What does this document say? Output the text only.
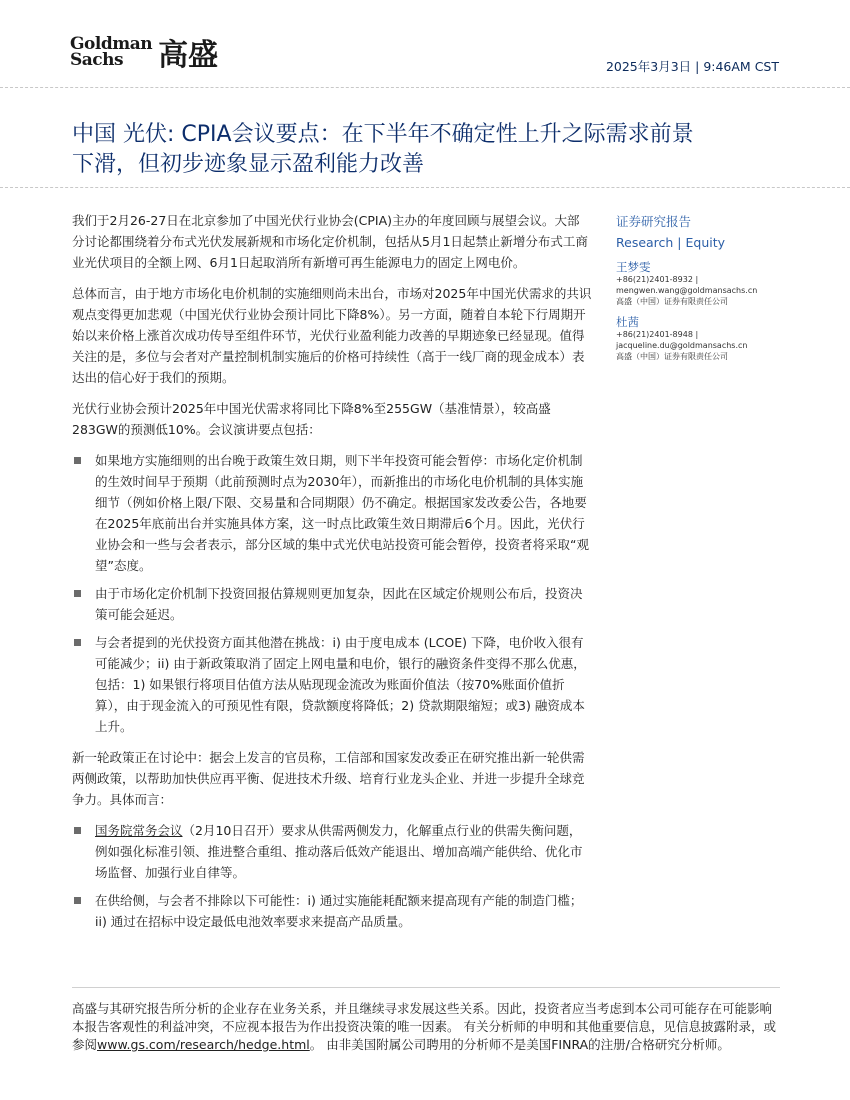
Goldman
Sachs	高盛	2025年3月3日 | 9:46AM CST
中国 光伏: CPIA会议要点：在下半年不确定性上升之际需求前景下滑，但初步迹象显示盈利能力改善

我们于2月26-27日在北京参加了中国光伏行业协会(CPIA)主办的年度回顾与展望会议。大部分讨论都围绕着分布式光伏发展新规和市场化定价机制，包括从5月1日起禁止新增分布式工商业光伏项目的全额上网、6月1日起取消所有新增可再生能源电力的固定上网电价。

总体而言，由于地方市场化电价机制的实施细则尚未出台，市场对2025年中国光伏需求的共识观点变得更加悲观（中国光伏行业协会预计同比下降8%）。另一方面，随着自本轮下行周期开始以来价格上涨首次成功传导至组件环节，光伏行业盈利能力改善的早期迹象已经显现。值得关注的是，多位与会者对产量控制机制实施后的价格可持续性（高于一线厂商的现金成本）表达出的信心好于我们的预期。

光伏行业协会预计2025年中国光伏需求将同比下降8%至255GW（基准情景），较高盛283GW的预测低10%。会议演讲要点包括：

如果地方实施细则的出台晚于政策生效日期，则下半年投资可能会暂停：市场化定价机制的生效时间早于预期（此前预测时点为2030年），而新推出的市场化电价机制的具体实施细节（例如价格上限/下限、交易量和合同期限）仍不确定。根据国家发改委公告，各地要在2025年底前出台并实施具体方案，这一时点比政策生效日期滞后6个月。因此，光伏行业协会和一些与会者表示，部分区域的集中式光伏电站投资可能会暂停，投资者将采取“观望”态度。
由于市场化定价机制下投资回报估算规则更加复杂，因此在区域定价规则公布后，投资决策可能会延迟。
与会者提到的光伏投资方面其他潜在挑战：i) 由于度电成本 (LCOE) 下降，电价收入很有可能减少；ii) 由于新政策取消了固定上网电量和电价，银行的融资条件变得不那么优惠，包括：1) 如果银行将项目估值方法从贴现现金流改为账面价值法（按70%账面价值折算），由于现金流入的可预见性有限，贷款额度将降低；2) 贷款期限缩短；或3) 融资成本上升。

新一轮政策正在讨论中：据会上发言的官员称，工信部和国家发改委正在研究推出新一轮供需两侧政策，以帮助加快供应再平衡、促进技术升级、培育行业龙头企业、并进一步提升全球竞争力。具体而言：

国务院常务会议（2月10日召开）要求从供需两侧发力，化解重点行业的供需失衡问题，例如强化标准引领、推进整合重组、推动落后低效产能退出、增加高端产能供给、优化市场监督、加强行业自律等。
在供给侧，与会者不排除以下可能性：i) 通过实施能耗配额来提高现有产能的制造门槛；ii) 通过在招标中设定最低电池效率要求来提高产品质量。
证券研究报告
Research | Equity
王梦雯
+86(21)2401-8932 |
mengwen.wang@goldmansachs.cn
高盛（中国）证券有限责任公司
杜茜
+86(21)2401-8948 |
jacqueline.du@goldmansachs.cn
高盛（中国）证券有限责任公司
高盛与其研究报告所分析的企业存在业务关系，并且继续寻求发展这些关系。因此，投资者应当考虑到本公司可能存在可能影响本报告客观性的利益冲突，不应视本报告为作出投资决策的唯一因素。 有关分析师的申明和其他重要信息，见信息披露附录，或参阅www.gs.com/research/hedge.html。 由非美国附属公司聘用的分析师不是美国FINRA的注册/合格研究分析师。
